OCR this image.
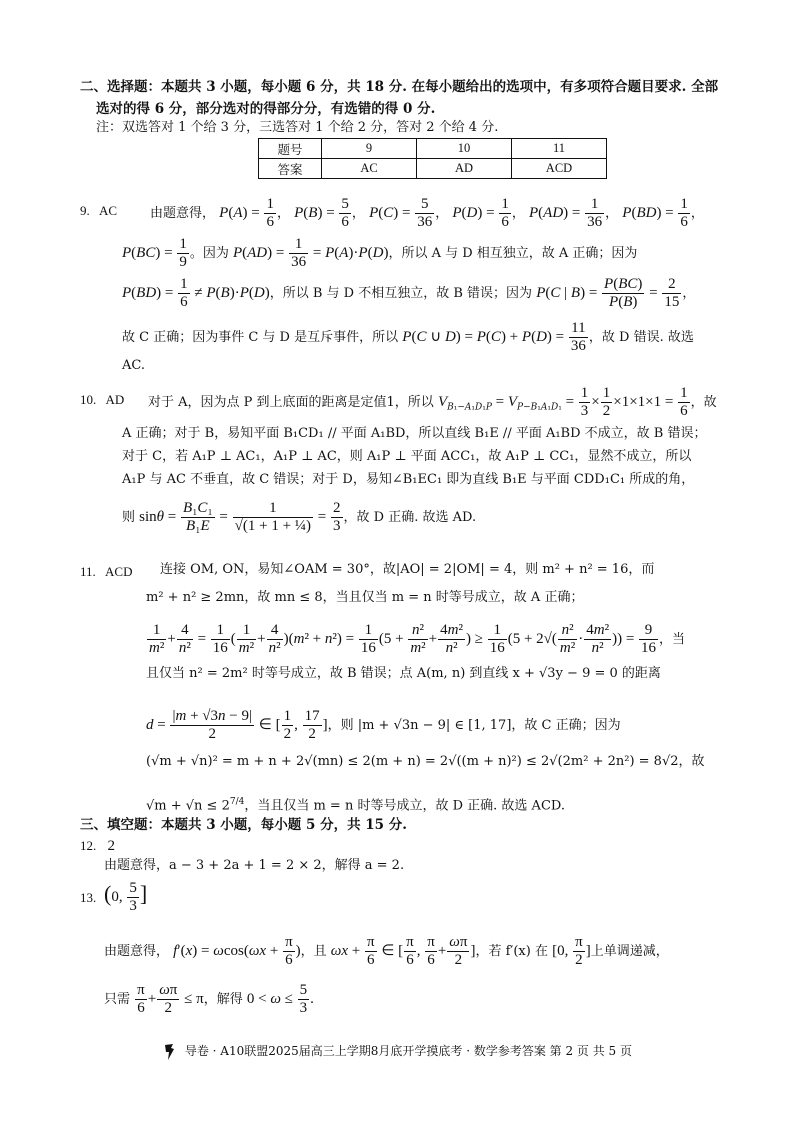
二、选择题：本题共 3 小题，每小题 6 分，共 18 分. 在每小题给出的选项中，有多项符合题目要求. 全部
选对的得 6 分，部分选对的得部分分，有选错的得 0 分.
注：双选答对 1 个给 3 分，三选答对 1 个给 2 分，答对 2 个给 4 分.
题号	9	10	11
答案	AC	AD	ACD
9. AC	由题意得， $P(A) = \frac{1}{6}$ ， $P(B) = \frac{5}{6}$ ， $P(C) = \frac{5}{36}$ ， $P(D) = \frac{1}{6}$ ， $P(AD) = \frac{1}{36}$ ， $P(BD) = \frac{1}{6}$ ，
$P(BC) = \frac{1}{9}$ 。因为 $P(AD) = \frac{1}{36} = P(A)\cdot P(D)$，所以 A 与 D 相互独立，故 A 正确；因为
$P(BD) = \frac{1}{6} \ne P(B)\cdot P(D)$，所以 B 与 D 不相互独立，故 B 错误；因为 P(C | $B) = \frac{P(BC)}{P(B)} = \frac{2}{15}$ ，
故 C 正确；因为事件 C 与 D 是互斥事件，所以 P(C ∪ $D) = P(C) + P(D) = \frac{11}{36}$ ，故 D 错误. 故选
AC.
10. AD 对于 A，因为点 P 到上底面的距离是定值1，所以 $V_{B_1-A_1D_1P} = V_{P-B_1A_1D_1} = \frac{1}{3} \times \frac{1}{2} \times 1\times 1\times 1 = \frac{1}{6}$ ，故
A 正确；对于 B，易知平面 B₁CD₁ // 平面 A₁BD，所以直线 B₁E // 平面 A₁BD 不成立，故 B 错误；
对于 C，若 A₁P ⊥ AC₁，A₁P ⊥ AC，则 A₁P ⊥ 平面 ACC₁，故 A₁P ⊥ CC₁，显然不成立，所以
A₁P 与 AC 不垂直，故 C 错误；对于 D，易知∠B₁EC₁ 即为直线 B₁E 与平面 CDD₁C₁ 所成的角，
则 $\sin\theta = \frac{\text{B₁C₁}}{\text{B₁E}} = \frac{1}{\text{√(1 + 1 + ¼)}} = \frac{2}{3}$ ，故 D 正确. 故选 AD.
11. ACD 连接 OM, ON，易知∠OAM = 30°，故|AO| = 2|OM| = 4，则 m² + n² = 16，而
m² + n² ≥ 2mn，故 mn ≤ 8，当且仅当 m = n 时等号成立，故 A 正确；
$\frac{1}{\text{m²}} + \frac{4}{\text{n²}} = \frac{1}{16}$ ( $\frac{1}{\text{m²}} + \frac{4}{\text{n²}} )(m^2 + n^2) = \frac{1}{16} (5 + \frac{\text{n²}}{\text{m²}} + \frac{\text{4m²}}{\text{n²}}$ ) ≥ $\frac{1}{16} (5 + 2√( \frac{\text{n²}}{\text{m²}} \cdot \frac{\text{4m²}}{\text{n²}}$ )) = $\frac{9}{16}$ ，当
且仅当 n² = 2m² 时等号成立，故 B 错误；点 A(m, n) 到直线 x + √3y − 9 = 0 的距离
$d = \frac{|m + √3n - 9|}{2}$ ∈ [ $\frac{1}{2}$ , $\frac{17}{2}$ ]，则 |m + √3n − 9| ∈ [1, 17]，故 C 正确；因为
(√m + √n)² = m + n + 2√(mn) ≤ 2(m + n) = 2√((m + n)²) ≤ 2√(2m² + 2n²) = 8√2，故
$√m + √n \le 2^{7/4}$，当且仅当 m = n 时等号成立，故 D 正确. 故选 ACD.
三、填空题：本题共 3 小题，每小题 5 分，共 15 分.
12. 2
由题意得，a − 3 + 2a + 1 = 2 × 2，解得 a = 2.
13. (0, $\frac{5}{3}$ ]
由题意得， $f'(x) = \omega\cos(\omega x + \frac{\pi}{6}$ )，且 $\omega x + \frac{\pi}{6}$ ∈ [ $\frac{\pi}{6}$ , $\frac{\pi}{6} + \frac{\omega\pi}{2}$ ]，若 f′(x) 在 [0, $\frac{\pi}{2}$ ]上单调递减，
只需 $\frac{\pi}{6} + \frac{\omega\pi}{2} \le \pi$，解得 $0 < \omega \le \frac{5}{3}$ .
导卷 · A10联盟2025届高三上学期8月底开学摸底考 · 数学参考答案 第 2 页 共 5 页
